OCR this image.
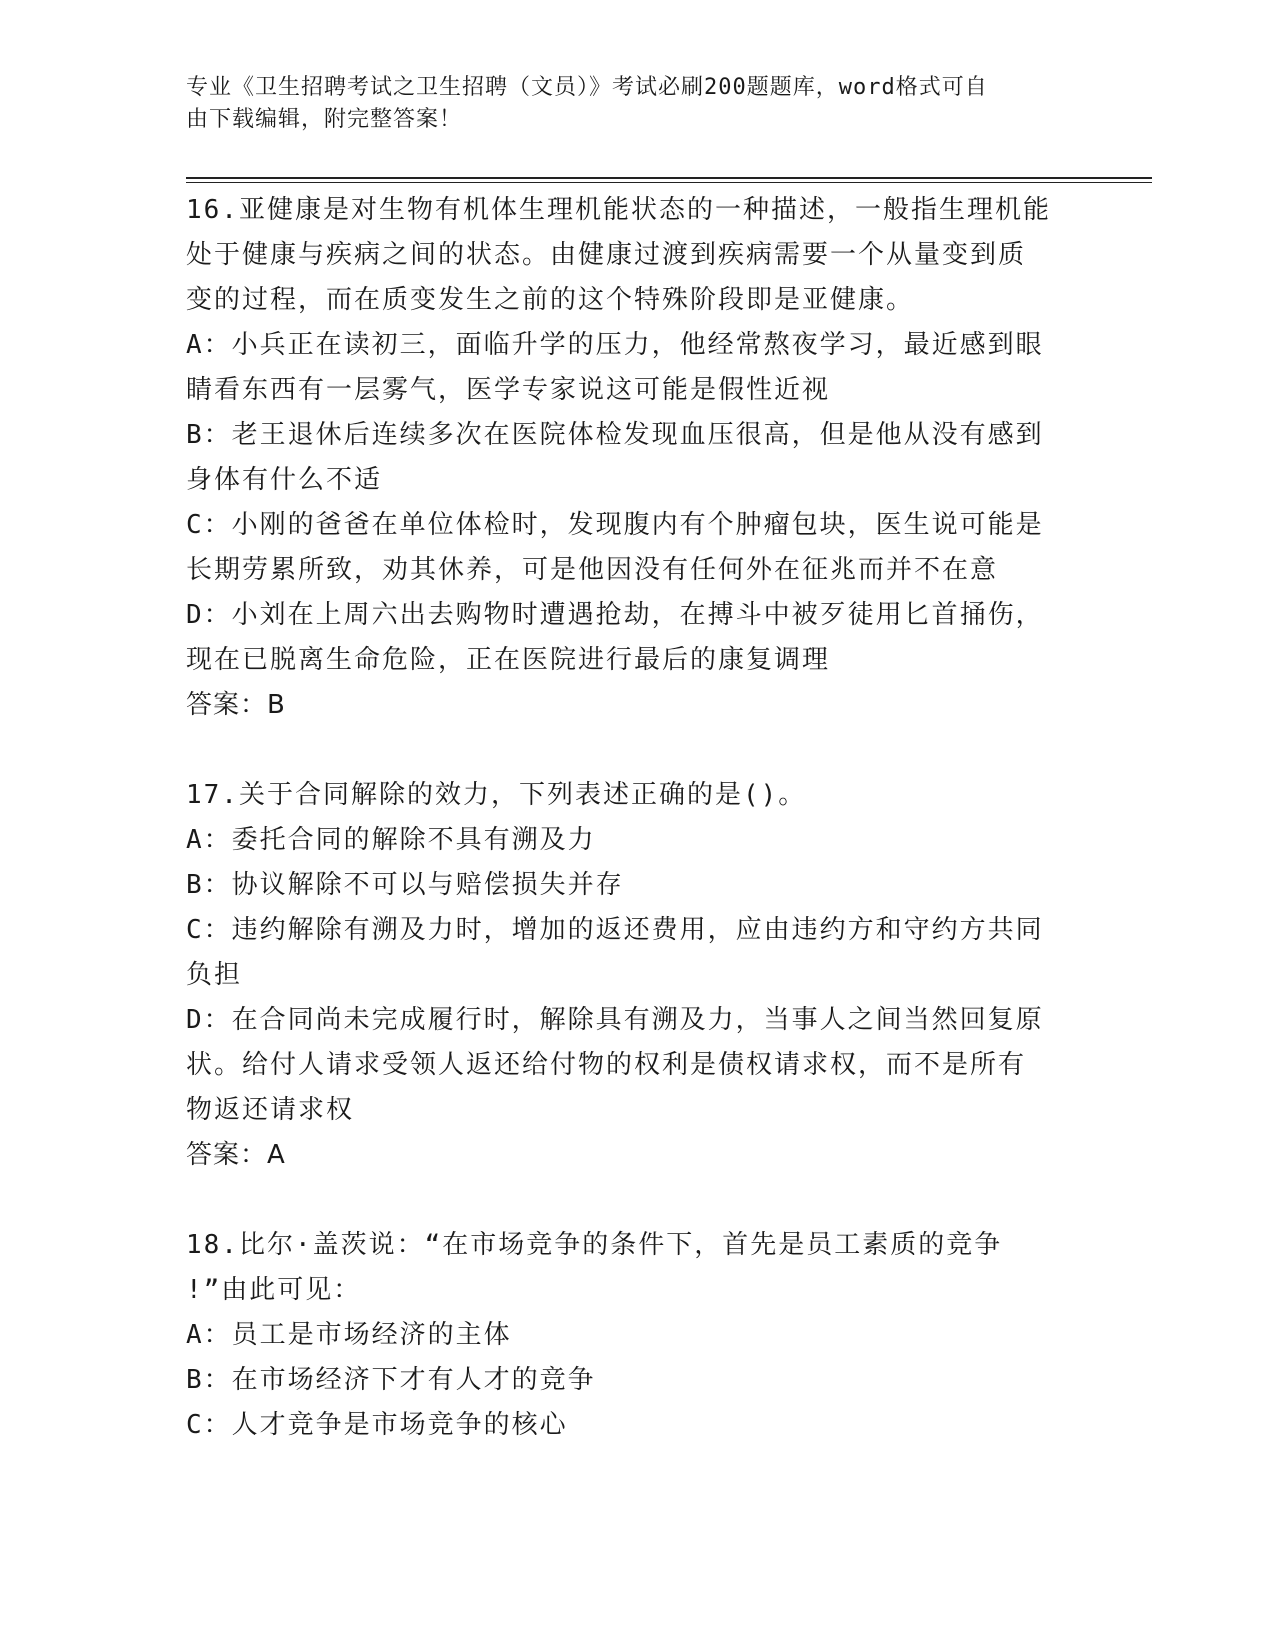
专业《卫生招聘考试之卫生招聘（文员）》考试必刷200题题库，word格式可自
由下载编辑，附完整答案！
16.亚健康是对生物有机体生理机能状态的一种描述，一般指生理机能
处于健康与疾病之间的状态。由健康过渡到疾病需要一个从量变到质
变的过程，而在质变发生之前的这个特殊阶段即是亚健康。
A：小兵正在读初三，面临升学的压力，他经常熬夜学习，最近感到眼
睛看东西有一层雾气，医学专家说这可能是假性近视
B：老王退休后连续多次在医院体检发现血压很高，但是他从没有感到
身体有什么不适
C：小刚的爸爸在单位体检时，发现腹内有个肿瘤包块，医生说可能是
长期劳累所致，劝其休养，可是他因没有任何外在征兆而并不在意
D：小刘在上周六出去购物时遭遇抢劫，在搏斗中被歹徒用匕首捅伤，
现在已脱离生命危险，正在医院进行最后的康复调理
答案：B
17.关于合同解除的效力，下列表述正确的是()。
A：委托合同的解除不具有溯及力
B：协议解除不可以与赔偿损失并存
C：违约解除有溯及力时，增加的返还费用，应由违约方和守约方共同
负担
D：在合同尚未完成履行时，解除具有溯及力，当事人之间当然回复原
状。给付人请求受领人返还给付物的权利是债权请求权，而不是所有
物返还请求权
答案：A
18.比尔·盖茨说：“在市场竞争的条件下，首先是员工素质的竞争
!”由此可见：
A：员工是市场经济的主体
B：在市场经济下才有人才的竞争
C：人才竞争是市场竞争的核心
